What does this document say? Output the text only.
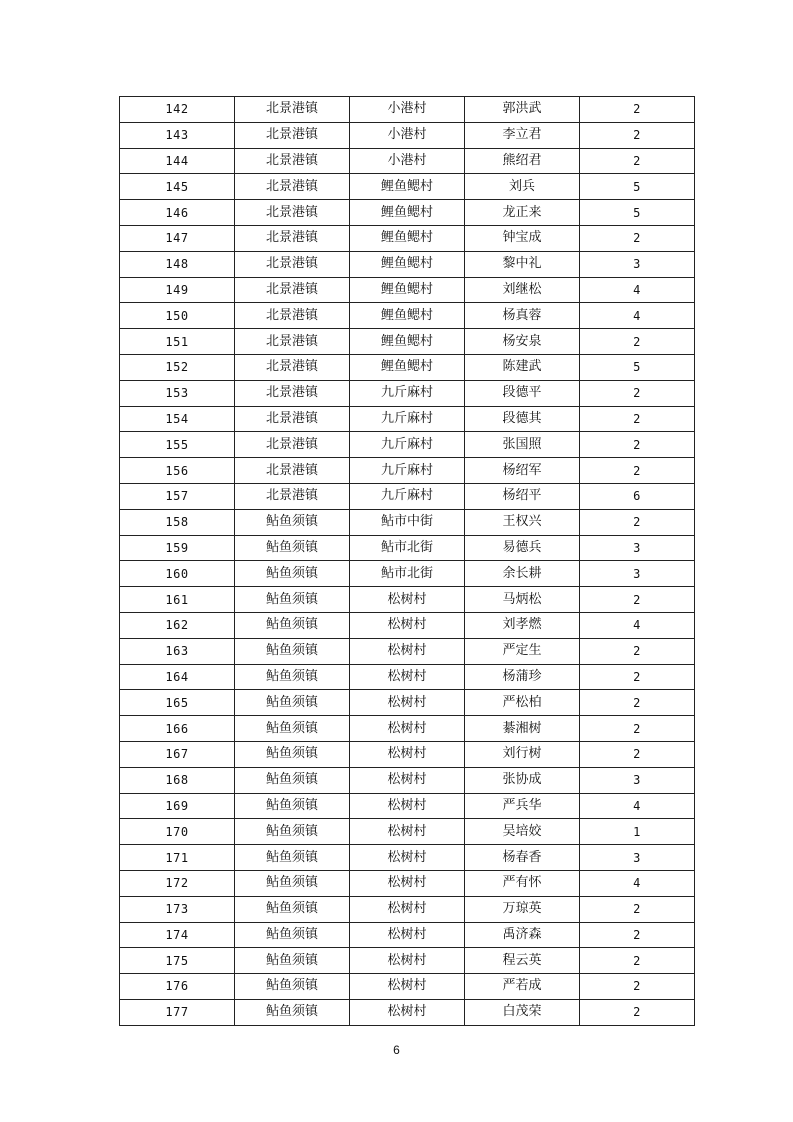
142	北景港镇	小港村	郭洪武	2
143	北景港镇	小港村	李立君	2
144	北景港镇	小港村	熊绍君	2
145	北景港镇	鲤鱼鳃村	刘兵	5
146	北景港镇	鲤鱼鳃村	龙正来	5
147	北景港镇	鲤鱼鳃村	钟宝成	2
148	北景港镇	鲤鱼鳃村	黎中礼	3
149	北景港镇	鲤鱼鳃村	刘继松	4
150	北景港镇	鲤鱼鳃村	杨真蓉	4
151	北景港镇	鲤鱼鳃村	杨安泉	2
152	北景港镇	鲤鱼鳃村	陈建武	5
153	北景港镇	九斤麻村	段德平	2
154	北景港镇	九斤麻村	段德其	2
155	北景港镇	九斤麻村	张国照	2
156	北景港镇	九斤麻村	杨绍军	2
157	北景港镇	九斤麻村	杨绍平	6
158	鲇鱼须镇	鲇市中街	王权兴	2
159	鲇鱼须镇	鲇市北街	易德兵	3
160	鲇鱼须镇	鲇市北街	余长耕	3
161	鲇鱼须镇	松树村	马炳松	2
162	鲇鱼须镇	松树村	刘孝燃	4
163	鲇鱼须镇	松树村	严定生	2
164	鲇鱼须镇	松树村	杨蒲珍	2
165	鲇鱼须镇	松树村	严松柏	2
166	鲇鱼须镇	松树村	綦湘树	2
167	鲇鱼须镇	松树村	刘行树	2
168	鲇鱼须镇	松树村	张协成	3
169	鲇鱼须镇	松树村	严兵华	4
170	鲇鱼须镇	松树村	吴培姣	1
171	鲇鱼须镇	松树村	杨春香	3
172	鲇鱼须镇	松树村	严有怀	4
173	鲇鱼须镇	松树村	万琼英	2
174	鲇鱼须镇	松树村	禹济森	2
175	鲇鱼须镇	松树村	程云英	2
176	鲇鱼须镇	松树村	严若成	2
177	鲇鱼须镇	松树村	白茂荣	2
6
